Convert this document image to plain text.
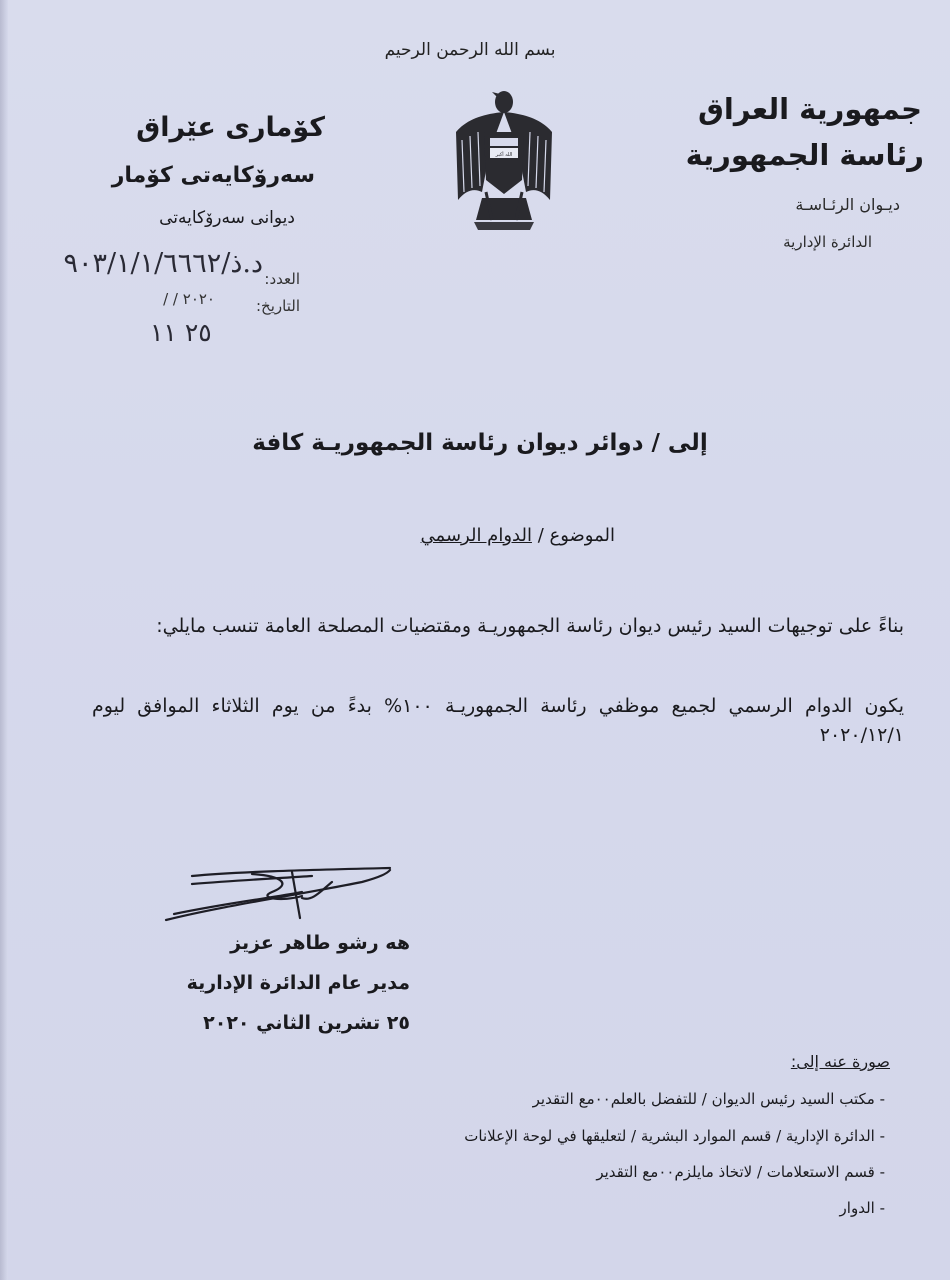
بسم الله الرحمن الرحيم
جمهورية العراق
رئاسة الجمهورية
ديـوان الرئـاسـة
الدائرة الإدارية
كۆماری عێراق
سەرۆكایەتی كۆمار
دیوانی سەرۆكایەتی
الله أكبر
د.ذ/٩٠٣/١/١/٦٦٦٢ العدد:
التاريخ:
/ / ٢٠٢٠
٢٥ ١١
إلى / دوائر ديوان رئاسة الجمهوريـة كافة
الموضوع / الدوام الرسمي
بناءً على توجيهات السيد رئيس ديوان رئاسة الجمهوريـة ومقتضيات المصلحة العامة تنسب مايلي:
يكون الدوام الرسمي لجميع موظفي رئاسة الجمهوريـة ١٠٠% بدءً من يوم الثلاثاء الموافق ليوم ٢٠٢٠/١٢/١
هه رشو طاهر عزيز
مدير عام الدائرة الإدارية
٢٥ تشرين الثاني ٢٠٢٠
صورة عنه إلى:
- مكتب السيد رئيس الديوان / للتفضل بالعلم٠٠مع التقدير
- الدائرة الإدارية / قسم الموارد البشرية / لتعليقها في لوحة الإعلانات
- قسم الاستعلامات / لاتخاذ مايلزم٠٠مع التقدير
- الدوار
